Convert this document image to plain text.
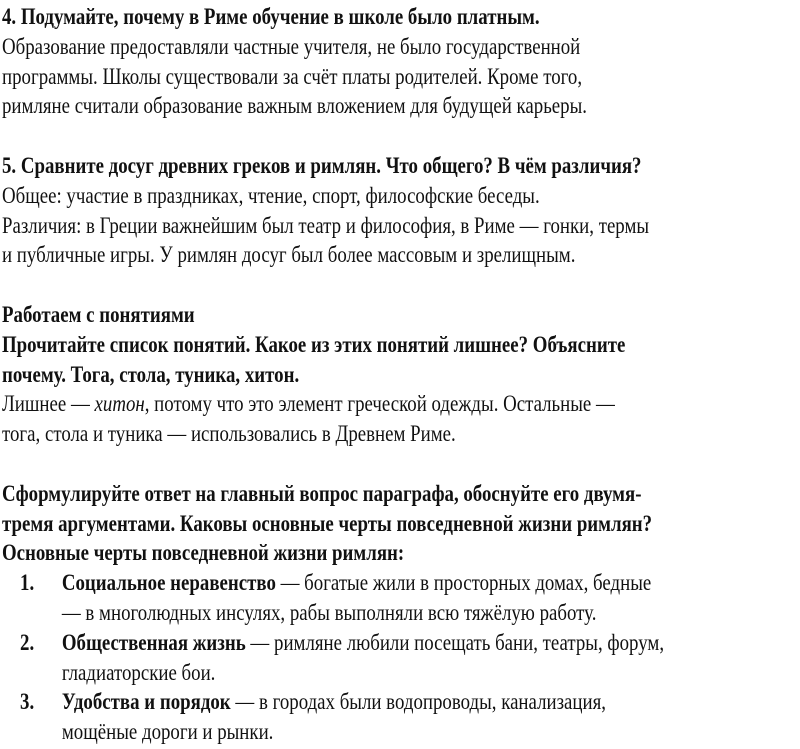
4. Подумайте, почему в Риме обучение в школе было платным.
Образование предоставляли частные учителя, не было государственной
программы. Школы существовали за счёт платы родителей. Кроме того,
римляне считали образование важным вложением для будущей карьеры.
5. Сравните досуг древних греков и римлян. Что общего? В чём различия?
Общее: участие в праздниках, чтение, спорт, философские беседы.
Различия: в Греции важнейшим был театр и философия, в Риме — гонки, термы
и публичные игры. У римлян досуг был более массовым и зрелищным.
Работаем с понятиями
Прочитайте список понятий. Какое из этих понятий лишнее? Объясните
почему. Тога, стола, туника, хитон.
Лишнее — хитон, потому что это элемент греческой одежды. Остальные —
тога, стола и туника — использовались в Древнем Риме.
Сформулируйте ответ на главный вопрос параграфа, обоснуйте его двумя-
тремя аргументами. Каковы основные черты повседневной жизни римлян?
Основные черты повседневной жизни римлян:
1.	Социальное неравенство — богатые жили в просторных домах, бедные
— в многолюдных инсулях, рабы выполняли всю тяжёлую работу.
2.	Общественная жизнь — римляне любили посещать бани, театры, форум,
гладиаторские бои.
3.	Удобства и порядок — в городах были водопроводы, канализация,
мощёные дороги и рынки.
